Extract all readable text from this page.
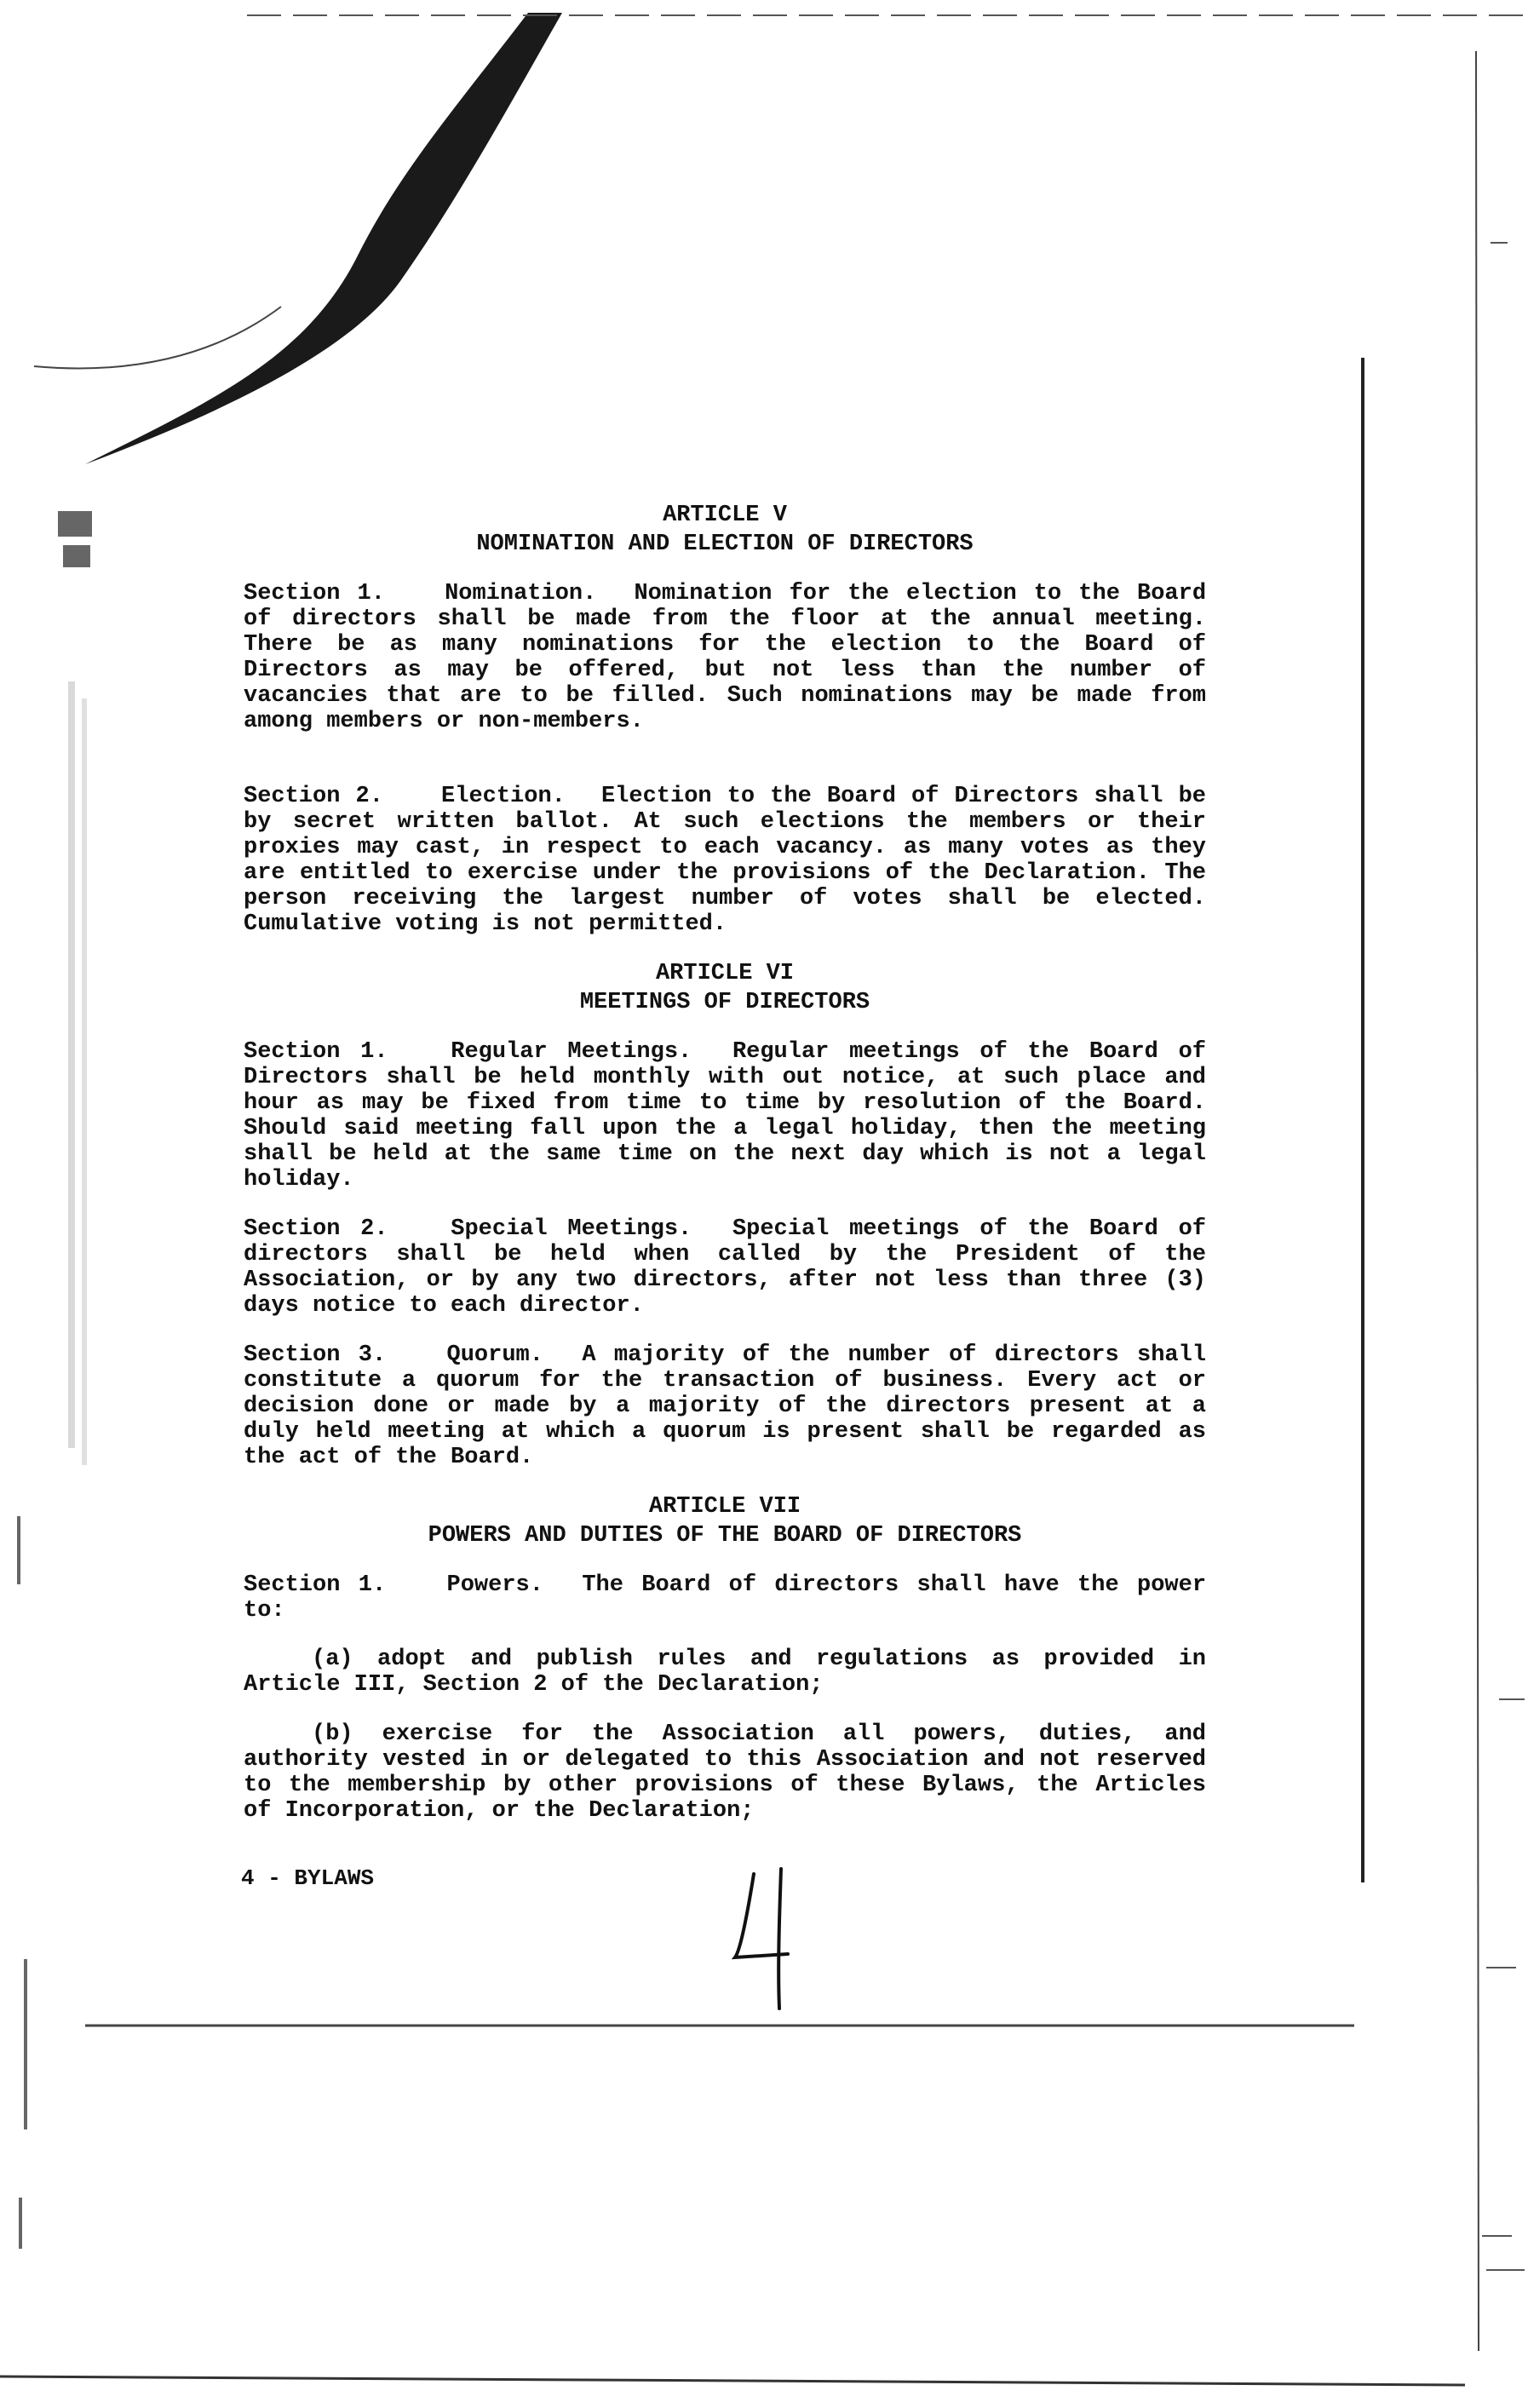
ARTICLE V
NOMINATION AND ELECTION OF DIRECTORS

Section 1.	Nomination. Nomination for the election to the Board of directors shall be made from the floor at the annual meeting. There be as many nominations for the election to the Board of Directors as may be offered, but not less than the number of vacancies that are to be filled. Such nominations may be made from among members or non-members.

Section 2.	Election. Election to the Board of Directors shall be by secret written ballot. At such elections the members or their proxies may cast, in respect to each vacancy. as many votes as they are entitled to exercise under the provisions of the Declaration. The person receiving the largest number of votes shall be elected. Cumulative voting is not permitted.

ARTICLE VI
MEETINGS OF DIRECTORS

Section 1.	Regular Meetings. Regular meetings of the Board of Directors shall be held monthly with out notice, at such place and hour as may be fixed from time to time by resolution of the Board. Should said meeting fall upon the a legal holiday, then the meeting shall be held at the same time on the next day which is not a legal holiday.

Section 2.	Special Meetings. Special meetings of the Board of directors shall be held when called by the President of the Association, or by any two directors, after not less than three (3) days notice to each director.

Section 3.	Quorum. A majority of the number of directors shall constitute a quorum for the transaction of business. Every act or decision done or made by a majority of the directors present at a duly held meeting at which a quorum is present shall be regarded as the act of the Board.

ARTICLE VII
POWERS AND DUTIES OF THE BOARD OF DIRECTORS

Section 1.	Powers. The Board of directors shall have the power to:

(a) adopt and publish rules and regulations as provided in Article III, Section 2 of the Declaration;

(b) exercise for the Association all powers, duties, and authority vested in or delegated to this Association and not reserved to the membership by other provisions of these Bylaws, the Articles of Incorporation, or the Declaration;

4 - BYLAWS
